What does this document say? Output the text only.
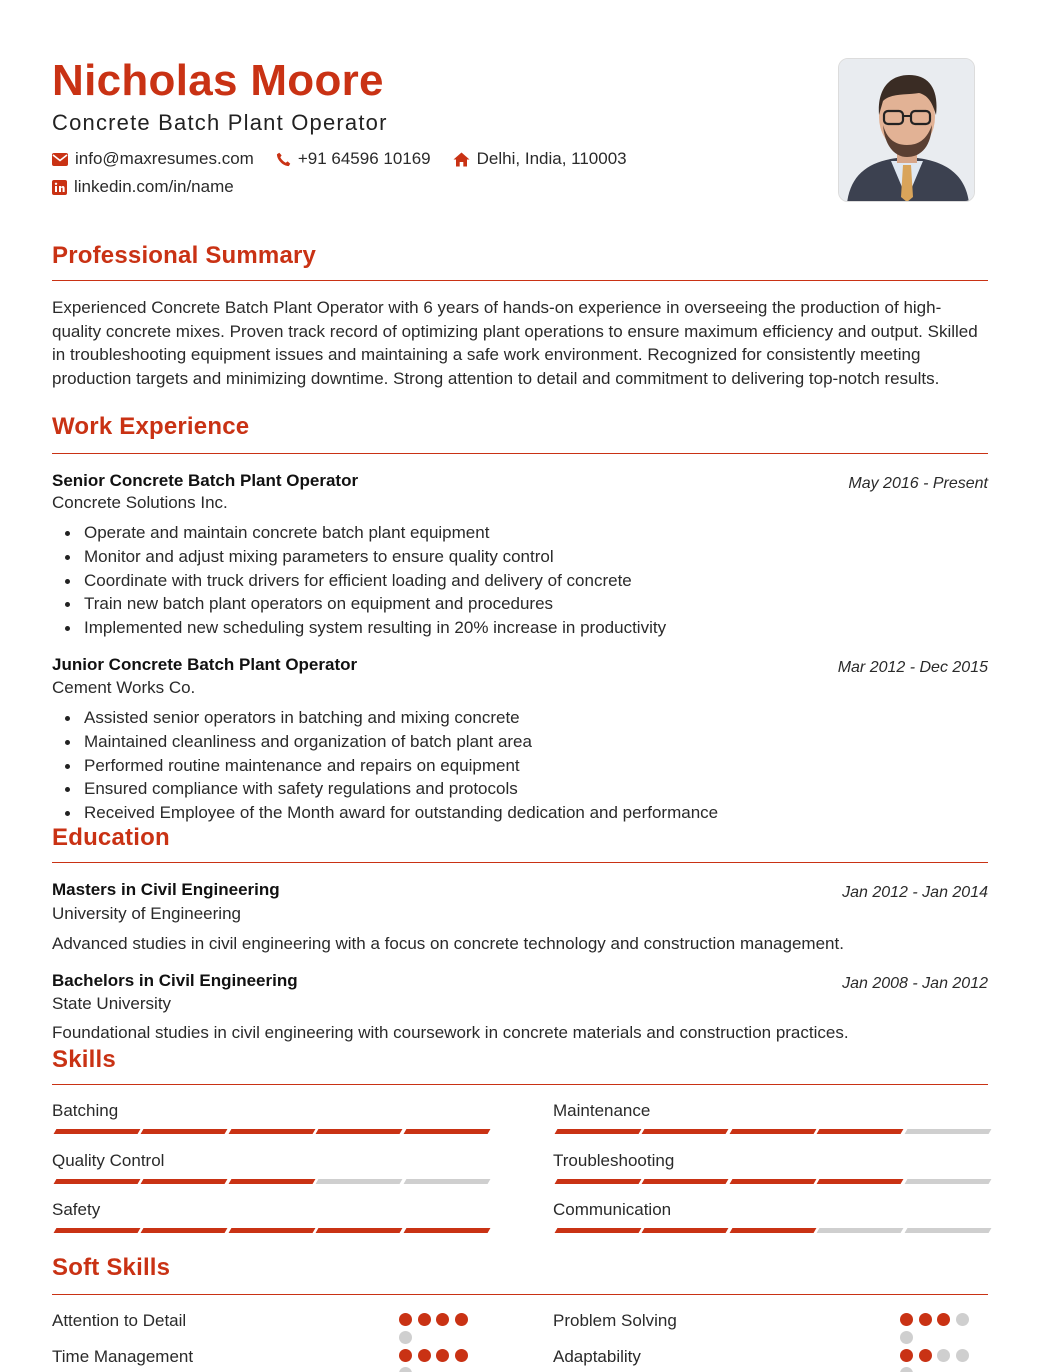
Nicholas Moore
Concrete Batch Plant Operator
info@maxresumes.com	+91 64596 10169	Delhi, India, 110003
linkedin.com/in/name
Professional Summary
Experienced Concrete Batch Plant Operator with 6 years of hands-on experience in overseeing the production of high-quality concrete mixes. Proven track record of optimizing plant operations to ensure maximum efficiency and output. Skilled in troubleshooting equipment issues and maintaining a safe work environment. Recognized for consistently meeting production targets and minimizing downtime. Strong attention to detail and commitment to delivering top-notch results.
Work Experience
Senior Concrete Batch Plant Operator	May 2016 - Present
Concrete Solutions Inc.
Operate and maintain concrete batch plant equipment
Monitor and adjust mixing parameters to ensure quality control
Coordinate with truck drivers for efficient loading and delivery of concrete
Train new batch plant operators on equipment and procedures
Implemented new scheduling system resulting in 20% increase in productivity
Junior Concrete Batch Plant Operator	Mar 2012 - Dec 2015
Cement Works Co.
Assisted senior operators in batching and mixing concrete
Maintained cleanliness and organization of batch plant area
Performed routine maintenance and repairs on equipment
Ensured compliance with safety regulations and protocols
Received Employee of the Month award for outstanding dedication and performance
Education
Masters in Civil Engineering	Jan 2012 - Jan 2014
University of Engineering
Advanced studies in civil engineering with a focus on concrete technology and construction management.
Bachelors in Civil Engineering	Jan 2008 - Jan 2012
State University
Foundational studies in civil engineering with coursework in concrete materials and construction practices.
Skills
Batching	Maintenance
Quality Control	Troubleshooting
Safety	Communication
Soft Skills
Attention to Detail	Problem Solving
Time Management	Adaptability
